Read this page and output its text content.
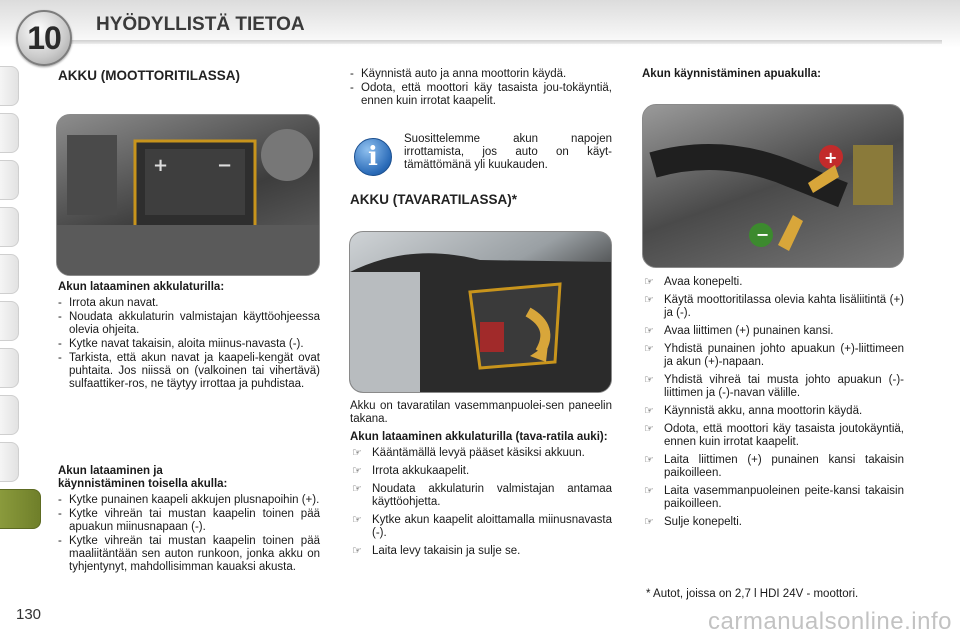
10	HYÖDYLLISTÄ TIETOA
130
AKKU (MOOTTORITILASSA)
+	−

Akun lataaminen akkulaturilla:

- Irrota akun navat.
- Noudata akkulaturin valmistajan käyttöohjeessa olevia ohjeita.
- Kytke navat takaisin, aloita miinus-navasta (-).
- Tarkista, että akun navat ja kaapeli-kengät ovat puhtaita. Jos niissä on (valkoinen tai vihertävä) sulfaattiker-ros, ne täytyy irrottaa ja puhdistaa.

Akun lataaminen ja

käynnistäminen toisella akulla:

- Kytke punainen kaapeli akkujen plusnapoihin (+).
- Kytke vihreän tai mustan kaapelin toinen pää apuakun miinusnapaan (-).
- Kytke vihreän tai mustan kaapelin toinen pää maaliitäntään sen auton runkoon, jonka akku on tyhjentynyt, mahdollisimman kauaksi akusta.
- Käynnistä auto ja anna moottorin käydä.
- Odota, että moottori käy tasaista jou-tokäyntiä, ennen kuin irrotat kaapelit.
i

Suosittelemme akun napojen irrottamista, jos auto on käyt-tämättömänä yli kuukauden.

AKKU (TAVARATILASSA)*

Akku on tavaratilan vasemmanpuolei-sen paneelin takana.

Akun lataaminen akkulaturilla (tava-ratila auki):

☞ Kääntämällä levyä pääset käsiksi akkuun.
☞ Irrota akkukaapelit.
☞ Noudata akkulaturin valmistajan antamaa käyttöohjetta.
☞ Kytke akun kaapelit aloittamalla miinusnavasta (-).
☞ Laita levy takaisin ja sulje se.

Akun käynnistäminen apuakulla:

+
−
☞ Avaa konepelti.
☞ Käytä moottoritilassa olevia kahta lisäliitintä (+) ja (-).
☞ Avaa liittimen (+) punainen kansi.
☞ Yhdistä punainen johto apuakun (+)-liittimeen ja akun (+)-napaan.
☞ Yhdistä vihreä tai musta johto apuakun (-)-liittimen ja (-)-navan välille.
☞ Käynnistä akku, anna moottorin käydä.
☞ Odota, että moottori käy tasaista joutokäyntiä, ennen kuin irrotat kaapelit.
☞ Laita liittimen (+) punainen kansi takaisin paikoilleen.
☞ Laita vasemmanpuoleinen peite-kansi takaisin paikoilleen.
☞ Sulje konepelti.

* Autot, joissa on 2,7 l HDI 24V - moottori.

carmanualsonline.info
